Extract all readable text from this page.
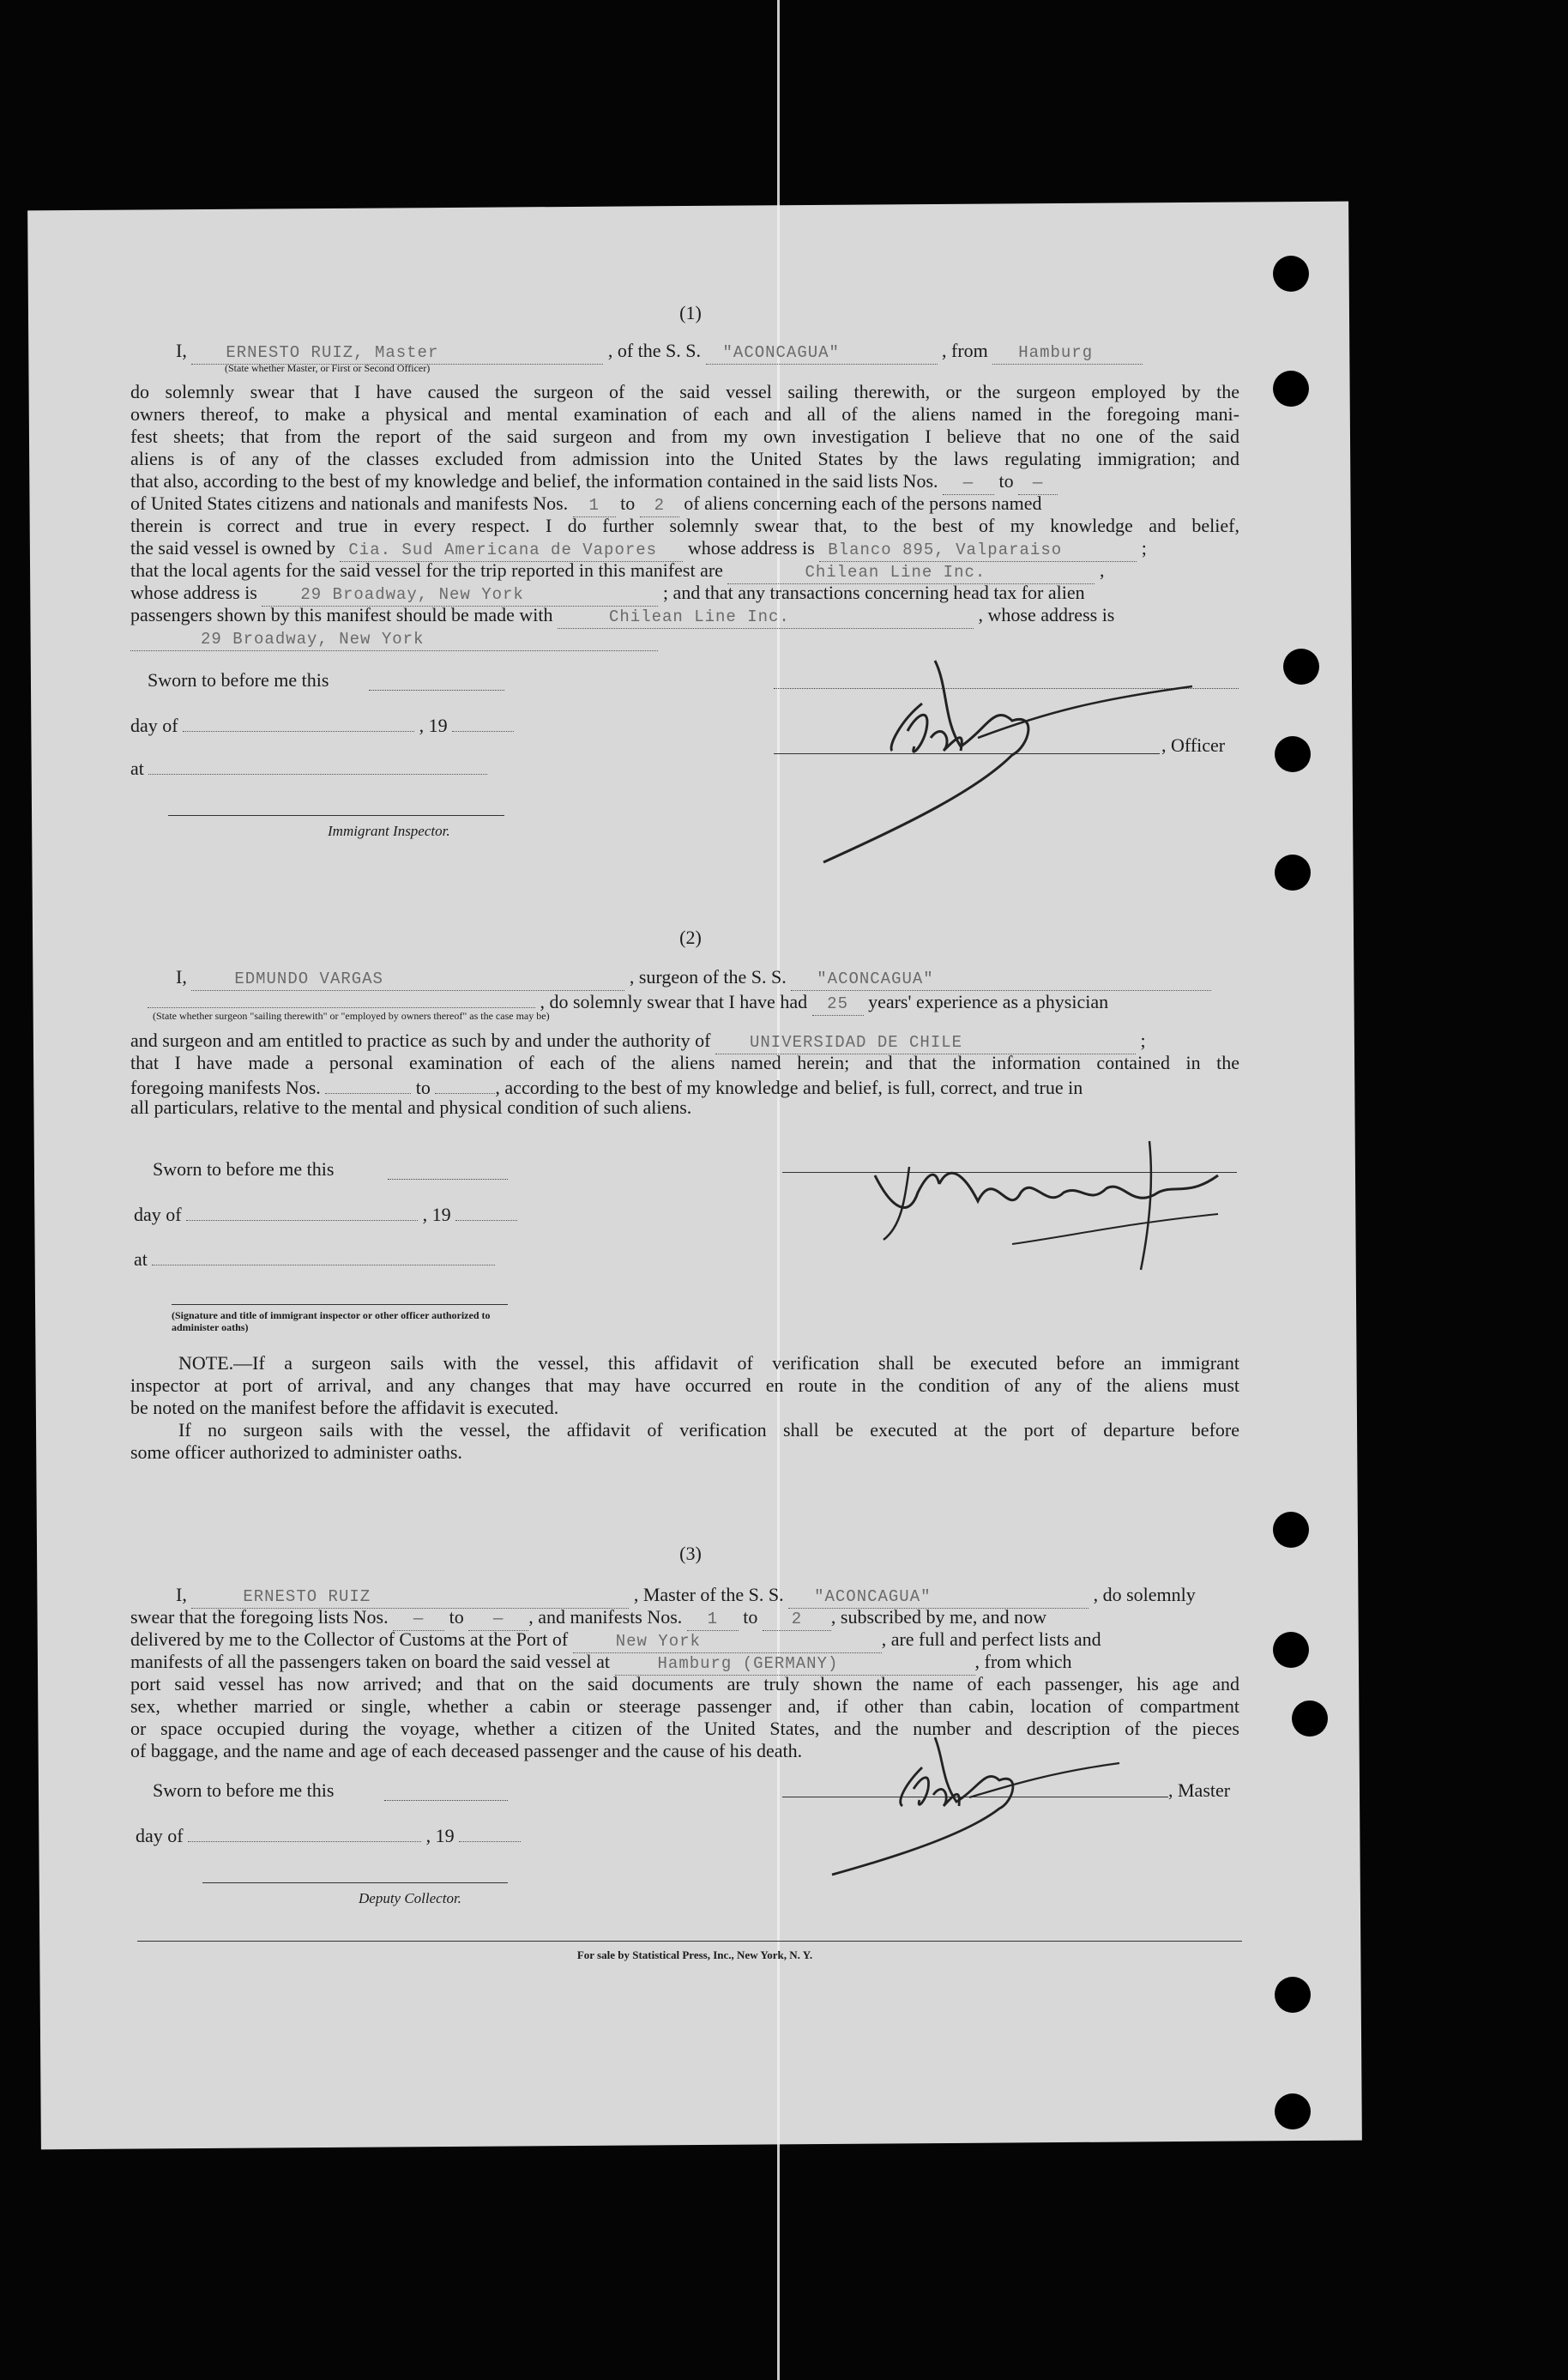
(1)
I, ERNESTO RUIZ, Master	, of the S. S. "ACONCAGUA"	, from Hamburg
(State whether Master, or First or Second Officer)
do solemnly swear that I have caused the surgeon of the said vessel sailing therewith, or the surgeon employed by the
owners thereof, to make a physical and mental examination of each and all of the aliens named in the foregoing mani-
fest sheets; that from the report of the said surgeon and from my own investigation I believe that no one of the said
aliens is of any of the classes excluded from admission into the United States by the laws regulating immigration; and
that also, according to the best of my knowledge and belief, the information contained in the said lists Nos. — to —
of United States citizens and nationals and manifests Nos. 1 to 2 of aliens concerning each of the persons named
therein is correct and true in every respect. I do further solemnly swear that, to the best of my knowledge and belief,
the said vessel is owned by Cia. Sud Americana de Vapores whose address is Blanco 895, Valparaiso	;
that the local agents for the said vessel for the trip reported in this manifest are	Chilean Line Inc.	,
whose address is	29 Broadway, New York	; and that any transactions concerning head tax for alien
passengers shown by this manifest should be made with	Chilean Line Inc.	, whose address is
29 Broadway, New York
Sworn to before me this
day of	, 19
at
Immigrant Inspector.
, Officer
(2)
I,	EDMUNDO VARGAS	, surgeon of the S. S. "ACONCAGUA"
, do solemnly swear that I have had 25 years' experience as a physician
(State whether surgeon "sailing therewith" or "employed by owners thereof" as the case may be)
and surgeon and am entitled to practice as such by and under the authority of UNIVERSIDAD DE CHILE	;
that I have made a personal examination of each of the aliens named herein; and that the information contained in the
foregoing manifests Nos.	to	, according to the best of my knowledge and belief, is full, correct, and true in
all particulars, relative to the mental and physical condition of such aliens.
Sworn to before me this
day of	, 19
at
(Signature and title of immigrant inspector or other officer authorized to administer oaths)
NOTE.—If a surgeon sails with the vessel, this affidavit of verification shall be executed before an immigrant
inspector at port of arrival, and any changes that may have occurred en route in the condition of any of the aliens must
be noted on the manifest before the affidavit is executed.
If no surgeon sails with the vessel, the affidavit of verification shall be executed at the port of departure before
some officer authorized to administer oaths.
(3)
I,	ERNESTO RUIZ	, Master of the S. S. "ACONCAGUA"	, do solemnly
swear that the foregoing lists Nos. — to — , and manifests Nos. 1 to 2 , subscribed by me, and now
delivered by me to the Collector of Customs at the Port of	New York	, are full and perfect lists and
manifests of all the passengers taken on board the said vessel at	Hamburg (GERMANY)	, from which
port said vessel has now arrived; and that on the said documents are truly shown the name of each passenger, his age and
sex, whether married or single, whether a cabin or steerage passenger and, if other than cabin, location of compartment
or space occupied during the voyage, whether a citizen of the United States, and the number and description of the pieces
of baggage, and the name and age of each deceased passenger and the cause of his death.
Sworn to before me this
day of	, 19
Deputy Collector.
, Master
For sale by Statistical Press, Inc., New York, N. Y.
